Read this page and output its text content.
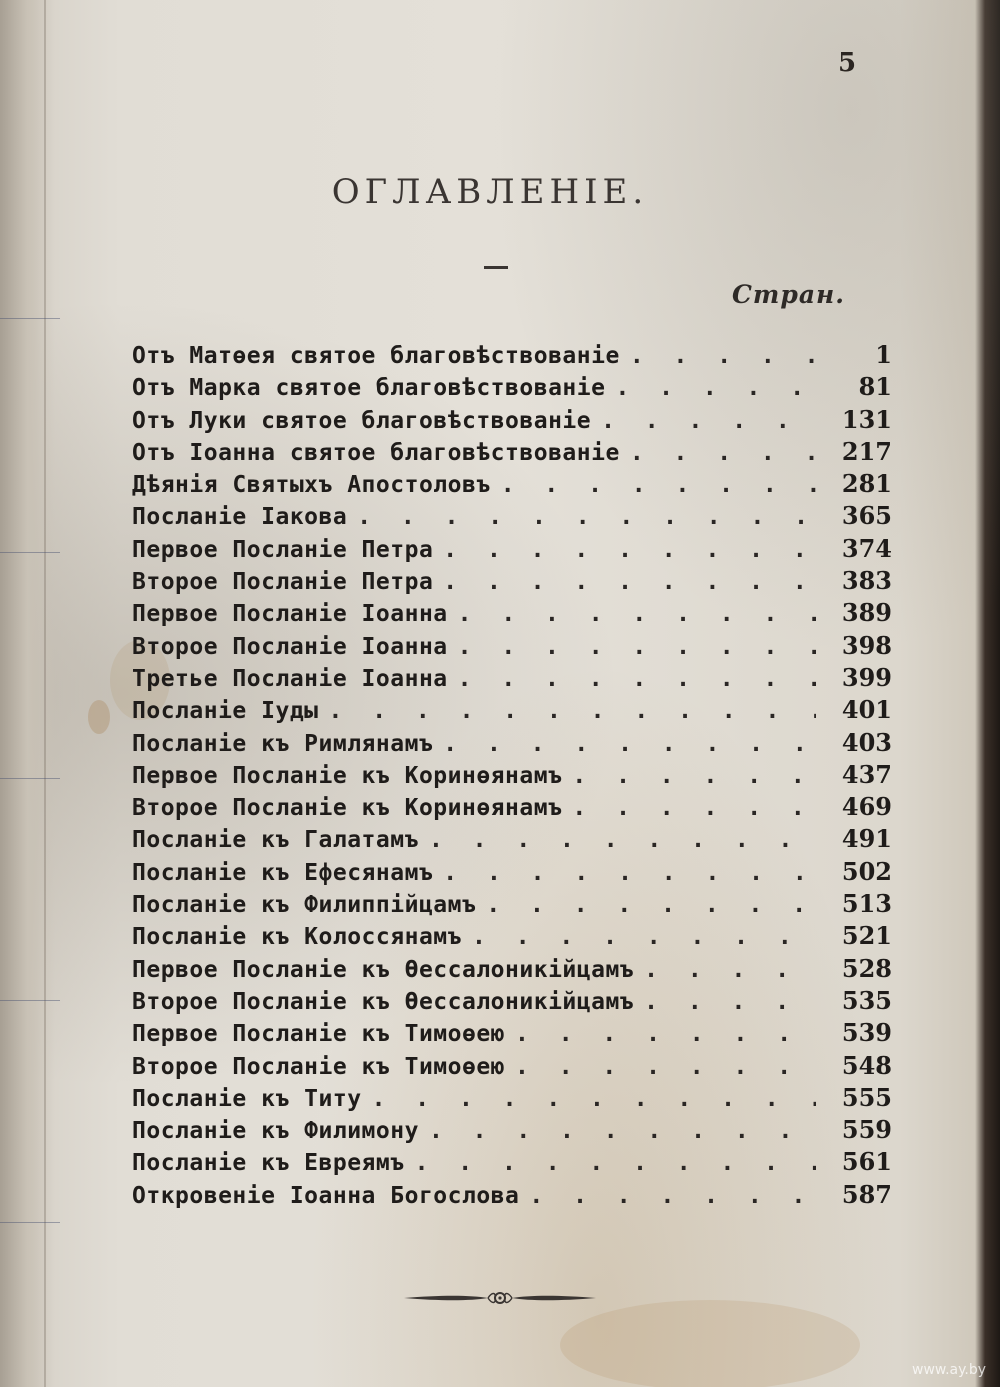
5
ОГЛАВЛЕНІЕ.
Стран.
Отъ Матѳея святое благовѣствованіе . . .	1
Отъ Марка святое благовѣствованіе . . .	81
Отъ Луки святое благовѣствованіе . . .	131
Отъ Іоанна святое благовѣствованіе . . .	217
Дѣянія Святыхъ Апостоловъ . . .	281
Посланіе Іакова . . .	365
Первое Посланіе Петра . . .	374
Второе Посланіе Петра . . .	383
Первое Посланіе Іоанна . . .	389
Второе Посланіе Іоанна . . .	398
Третье Посланіе Іоанна . . .	399
Посланіе Іуды . . .	401
Посланіе къ Римлянамъ . . .	403
Первое Посланіе къ Коринѳянамъ . . .	437
Второе Посланіе къ Коринѳянамъ . . .	469
Посланіе къ Галатамъ . . .	491
Посланіе къ Ефесянамъ . . .	502
Посланіе къ Филиппійцамъ . . .	513
Посланіе къ Колоссянамъ . . .	521
Первое Посланіе къ Ѳессалоникійцамъ . . .	528
Второе Посланіе къ Ѳессалоникійцамъ . . .	535
Первое Посланіе къ Тимоѳею . . .	539
Второе Посланіе къ Тимоѳею . . .	548
Посланіе къ Титу . . .	555
Посланіе къ Филимону . . .	559
Посланіе къ Евреямъ . . .	561
Откровеніе Іоанна Богослова . . .	587
www.ay.by
